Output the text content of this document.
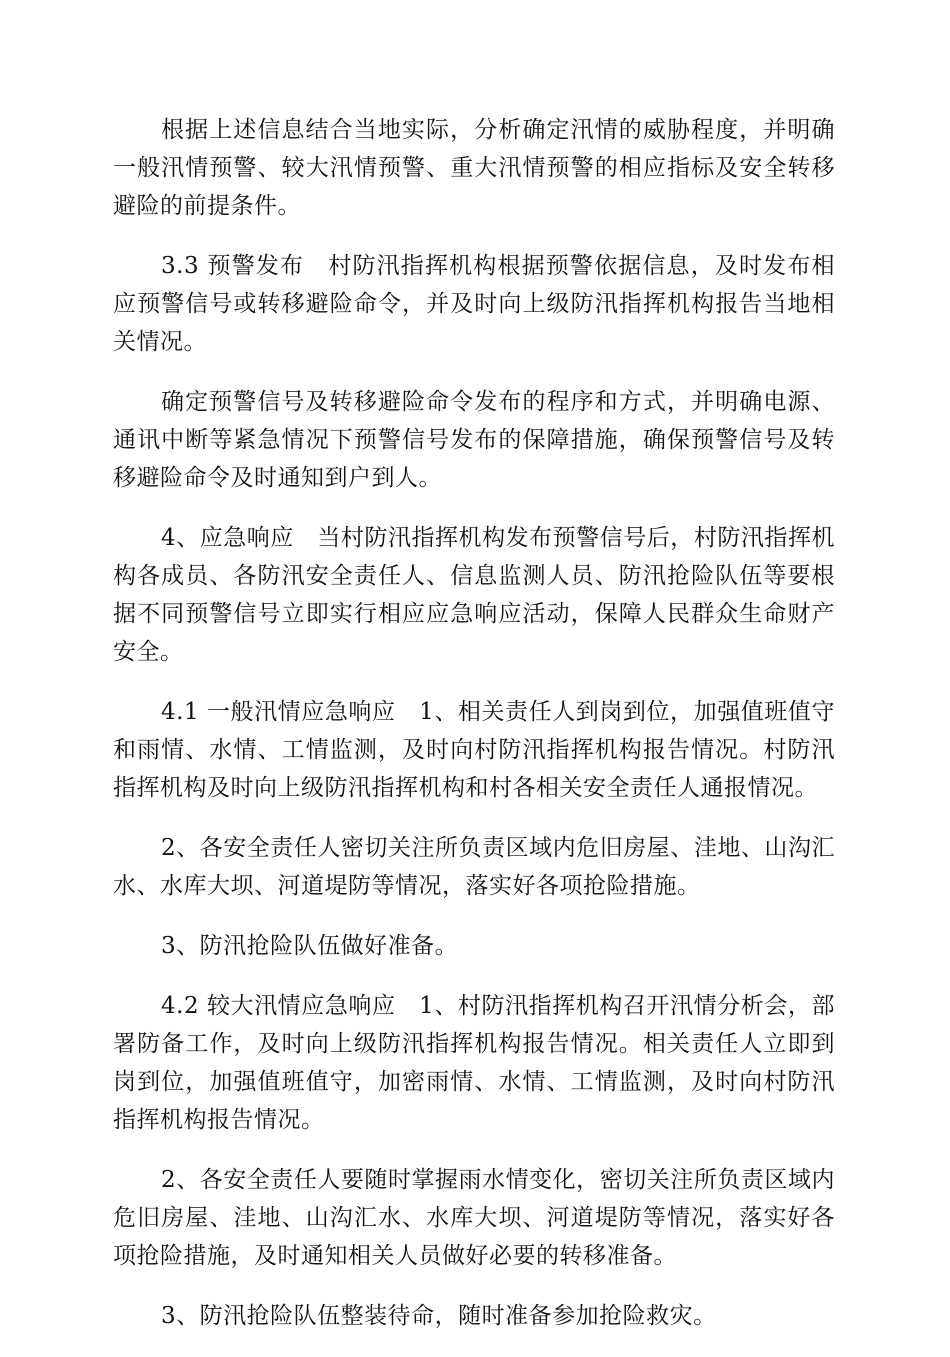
根据上述信息结合当地实际，分析确定汛情的威胁程度，并明确一般汛情预警、较大汛情预警、重大汛情预警的相应指标及安全转移避险的前提条件。

3.3 预警发布　村防汛指挥机构根据预警依据信息，及时发布相应预警信号或转移避险命令，并及时向上级防汛指挥机构报告当地相关情况。

确定预警信号及转移避险命令发布的程序和方式，并明确电源、通讯中断等紧急情况下预警信号发布的保障措施，确保预警信号及转移避险命令及时通知到户到人。

4、应急响应　当村防汛指挥机构发布预警信号后，村防汛指挥机构各成员、各防汛安全责任人、信息监测人员、防汛抢险队伍等要根据不同预警信号立即实行相应应急响应活动，保障人民群众生命财产安全。

4.1 一般汛情应急响应　1、相关责任人到岗到位，加强值班值守和雨情、水情、工情监测，及时向村防汛指挥机构报告情况。村防汛指挥机构及时向上级防汛指挥机构和村各相关安全责任人通报情况。

2、各安全责任人密切关注所负责区域内危旧房屋、洼地、山沟汇水、水库大坝、河道堤防等情况，落实好各项抢险措施。

3、防汛抢险队伍做好准备。

4.2 较大汛情应急响应　1、村防汛指挥机构召开汛情分析会，部署防备工作，及时向上级防汛指挥机构报告情况。相关责任人立即到岗到位，加强值班值守，加密雨情、水情、工情监测，及时向村防汛指挥机构报告情况。

2、各安全责任人要随时掌握雨水情变化，密切关注所负责区域内危旧房屋、洼地、山沟汇水、水库大坝、河道堤防等情况，落实好各项抢险措施，及时通知相关人员做好必要的转移准备。

3、防汛抢险队伍整装待命，随时准备参加抢险救灾。
